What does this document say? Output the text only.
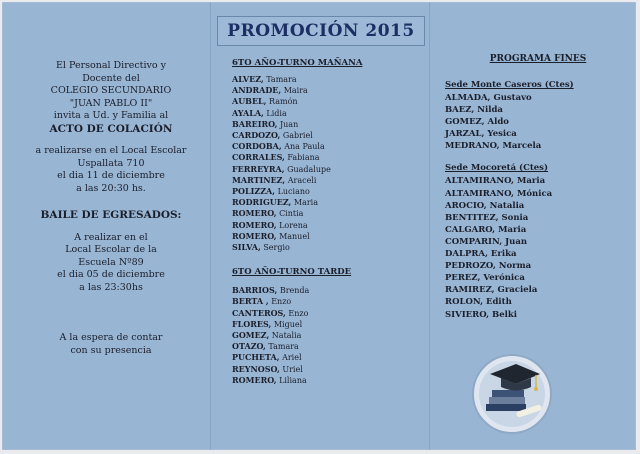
PROMOCIÓN 2015
El Personal Directivo y
Docente del
COLEGIO SECUNDARIO
"JUAN PABLO II"
invita a Ud. y Familia al
ACTO DE COLACIÓN
a realizarse en el Local Escolar
Uspallata 710
el dia 11 de diciembre
a las 20:30 hs.
BAILE DE EGRESADOS:
A realizar en el
Local Escolar de la
Escuela Nº89
el dia 05 de diciembre
a las 23:30hs
A la espera de contar
con su presencia
6TO AÑO-TURNO MAÑANA
ALVEZ, Tamara
ANDRADE, Maira
AUBEL, Ramón
AYALA, Lidia
BAREIRO, Juan
CARDOZO, Gabriel
CORDOBA, Ana Paula
CORRALES, Fabiana
FERREYRA, Guadalupe
MARTINEZ, Araceli
POLIZZA, Luciano
RODRIGUEZ, Maria
ROMERO, Cintia
ROMERO, Lorena
ROMERO, Manuel
SILVA, Sergio
6TO AÑO-TURNO TARDE
BARRIOS, Brenda
BERTA , Enzo
CANTEROS, Enzo
FLORES, Miguel
GOMEZ, Natalia
OTAZO, Tamara
PUCHETA, Ariel
REYNOSO, Uriel
ROMERO, Liliana
PROGRAMA FINES
Sede Monte Caseros (Ctes)
ALMADA, Gustavo
BAEZ, Nilda
GOMEZ, Aldo
JARZAL, Yesica
MEDRANO, Marcela
Sede Mocoretá (Ctes)
ALTAMIRANO, Maria
ALTAMIRANO, Mónica
AROCIO, Natalia
BENTITEZ, Sonia
CALGARO, Maria
COMPARIN, Juan
DALPRA, Erika
PEDROZO, Norma
PEREZ, Verónica
RAMIREZ, Graciela
ROLON, Edith
SIVIERO, Belki
